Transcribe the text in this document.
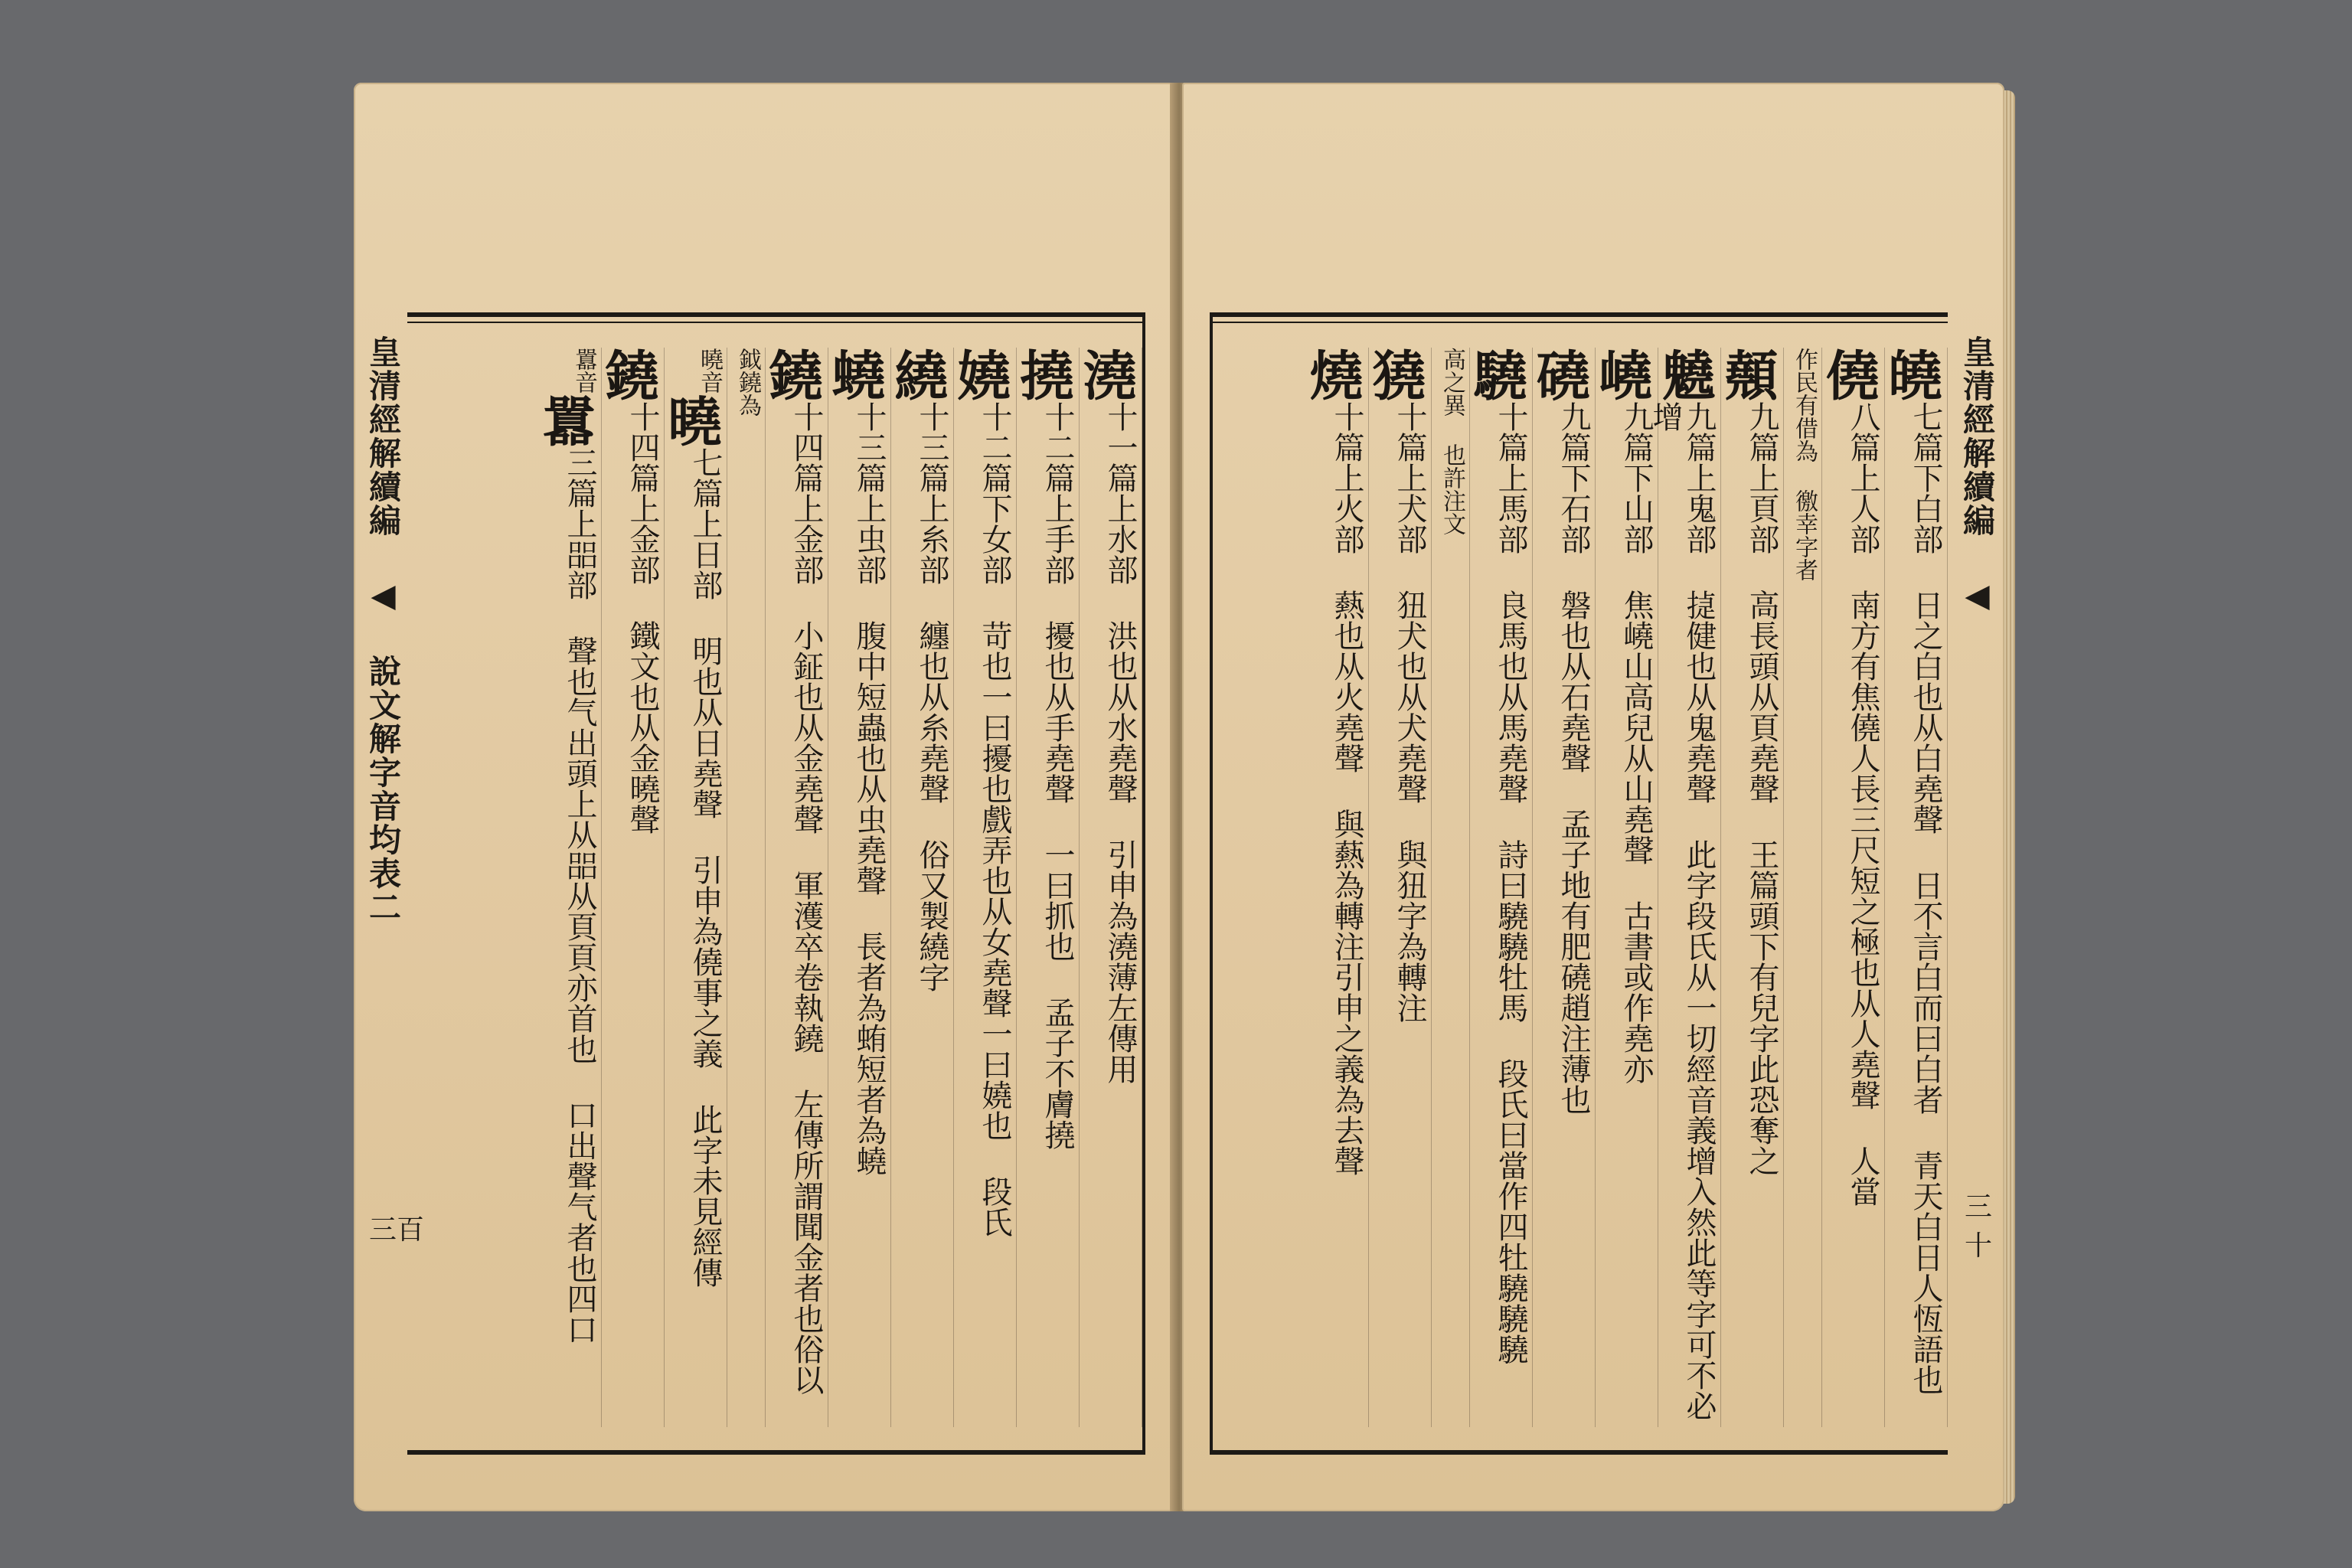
皇清經解續編 ◀ 說文解字音均表二
三百
澆
十一篇上水部 洪也从水堯聲 引申為澆薄左傳用
撓
十二篇上手部 擾也从手堯聲 一曰抓也 孟子不膚撓
嬈
十二篇下女部 苛也一曰擾也戲弄也从女堯聲一曰嬈也 段氏
繞
十三篇上糸部 纏也从糸堯聲 俗又製繞字
蟯
十三篇上虫部 腹中短蟲也从虫堯聲 長者為蛕短者為蟯
鐃
十四篇上金部 小鉦也从金堯聲 軍濩卒卷執鐃 左傳所謂聞金者也俗以
鉞鐃為
曉音
曉
七篇上日部 明也从日堯聲 引申為僥事之義 此字未見經傳
鐃
十四篇上金部 鐵文也从金曉聲
囂音
囂
三篇上㗊部 聲也气出頭上从㗊从頁頁亦首也 口出聲气者也四口
皇清經解續編 ◀
三十
皢
七篇下白部 日之白也从白堯聲 日不言白而曰白者 青天白日人恆語也
僥
八篇上人部 南方有焦僥人長三尺短之極也从人堯聲 人當
作民有借為 徼幸字者
顤
九篇上頁部 高長頭从頁堯聲 王篇頭下有兒字此恐奪之
䰫
九篇上鬼部 㨗健也从鬼堯聲 此字段氏从一切經音義增入然此等字可不必增
嶢
九篇下山部 焦嶢山高兒从山堯聲 古書或作堯亦
磽
九篇下石部 磐也从石堯聲 孟子地有肥磽趙注薄也
驍
十篇上馬部 良馬也从馬堯聲 詩曰驍驍牡馬 段氏曰當作四牡驍驍驍
高之異 也許注文
獟
十篇上犬部 狃犬也从犬堯聲 與狃字為轉注
燒
十篇上火部 爇也从火堯聲 與爇為轉注引申之義為去聲
